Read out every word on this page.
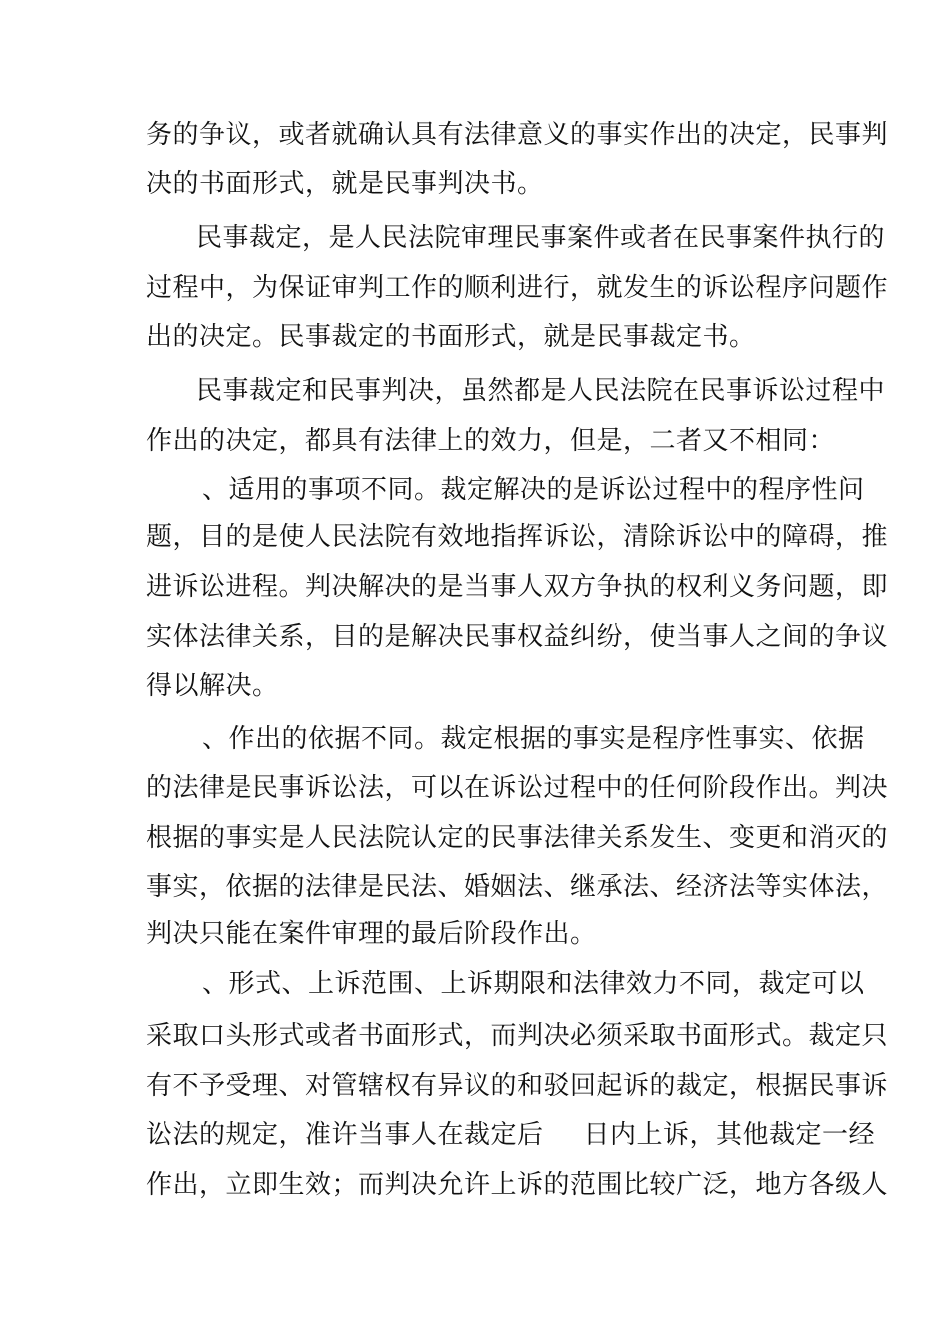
务的争议，或者就确认具有法律意义的事实作出的决定，民事判
决的书面形式，就是民事判决书。
民事裁定，是人民法院审理民事案件或者在民事案件执行的
过程中，为保证审判工作的顺利进行，就发生的诉讼程序问题作
出的决定。民事裁定的书面形式，就是民事裁定书。
民事裁定和民事判决，虽然都是人民法院在民事诉讼过程中
作出的决定，都具有法律上的效力，但是，二者又不相同：
、适用的事项不同。裁定解决的是诉讼过程中的程序性问
题，目的是使人民法院有效地指挥诉讼，清除诉讼中的障碍，推
进诉讼进程。判决解决的是当事人双方争执的权利义务问题，即
实体法律关系，目的是解决民事权益纠纷，使当事人之间的争议
得以解决。
、作出的依据不同。裁定根据的事实是程序性事实、依据
的法律是民事诉讼法，可以在诉讼过程中的任何阶段作出。判决
根据的事实是人民法院认定的民事法律关系发生、变更和消灭的
事实，依据的法律是民法、婚姻法、继承法、经济法等实体法，
判决只能在案件审理的最后阶段作出。
、形式、上诉范围、上诉期限和法律效力不同，裁定可以
采取口头形式或者书面形式，而判决必须采取书面形式。裁定只
有不予受理、对管辖权有异议的和驳回起诉的裁定，根据民事诉
讼法的规定，准许当事人在裁定后 日内上诉，其他裁定一经
作出，立即生效；而判决允许上诉的范围比较广泛，地方各级人
